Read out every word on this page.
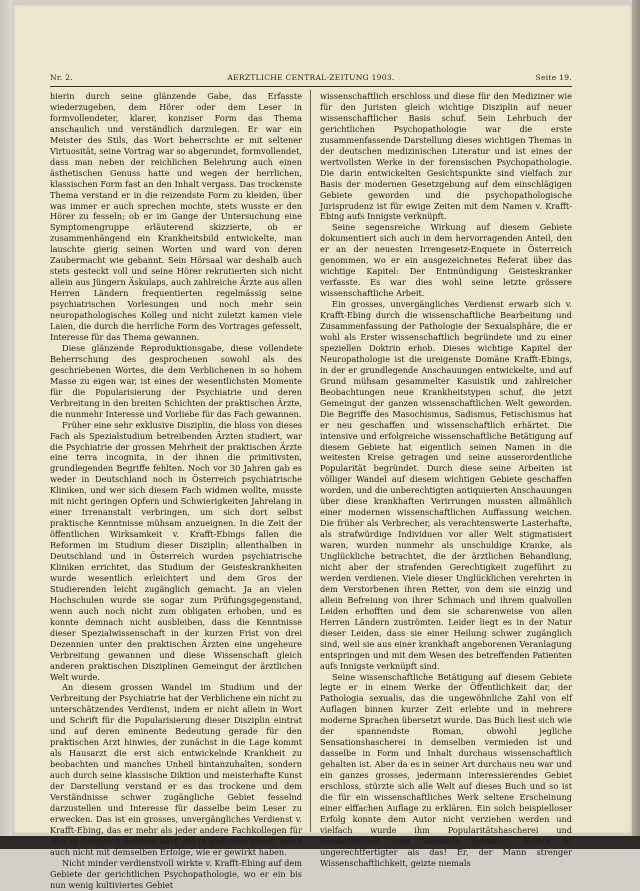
Nr. 2.	AERZTLICHE CENTRAL-ZEITUNG 1903.	Seite 19.

hierin durch seine glänzende Gabe, das Erfasste wiederzugeben, dem Hörer oder dem Leser in formvollendeter, klarer, konziser Form das Thema anschaulich und verständlich darzulegen. Er war ein Meister des Stils, das Wort beherrschte er mit seltener Virtuosität, seine Vortrag war so abgerundet, formvollendet, dass man neben der reichlichen Belehrung auch einen ästhetischen Genuss hatte und wegen der herrlichen, klassischen Form fast an den Inhalt vergass. Das trockenste Thema verstand er in die reizendste Form zu kleiden, über was immer er auch sprechen mochte, stets wusste er den Hörer zu fesseln; ob er im Gange der Untersuchung eine Symptomengruppe erläuterend skizzierte, ob er zusammenhängend ein Krankheitsbild entwickelte, man lauschte gierig seinen Worten und ward von deren Zaubermacht wie gebannt. Sein Hörsaal war deshalb auch stets gesteckt voll und seine Hörer rekrutierten sich nicht allein aus Jüngern Äskulaps, auch zahlreiche Ärzte aus allen Herren Ländern frequentierten regelmässig seine psychiatrischen Vorlesungen und noch mehr sein neuropathologisches Kolleg und nicht zuletzt kamen viele Laien, die durch die herrliche Form des Vortrages gefesselt, Interesse für das Thema gewannen.

Diese glänzende Reproduktionsgabe, diese vollendete Beherrschung des gesprochenen sowohl als des geschriebenen Wortes, die dem Verblichenen in so hohem Masse zu eigen war, ist eines der wesentlichsten Momente für die Popularisierung der Psychiatrie und deren Verbreitung in den breiten Schichten der praktischen Ärzte, die nunmehr Interesse und Vorliebe für das Fach gewannen.

Früher eine sehr exklusive Disziplin, die bloss von dieses Fach als Spezialstudium betreibenden Ärzten studiert, war die Psychiatrie der grossen Mehrheit der praktischen Ärzte eine terra incognita, in der ihnen die primitivsten, grundlegenden Begriffe fehlten. Noch vor 30 Jahren gab es weder in Deutschland noch in Österreich psychiatrische Kliniken, und wer sich diesem Fach widmen wollte, musste mit nicht geringen Opfern und Schwierigkeiten Jahrelang in einer Irrenanstalt verbringen, um sich dort selbst praktische Kenntnisse mühsam anzueignen. In die Zeit der öffentlichen Wirksamkeit v. Krafft-Ebings fallen die Reformen im Studium dieser Disziplin; allenthalben in Deutschland und in Österreich wurden psychiatrische Kliniken errichtet, das Studium der Geisteskrankheiten wurde wesentlich erleichtert und dem Gros der Studierenden leicht zugänglich gemacht. Ja an vielen Hochschulen wurde sie sogar zum Prüfungsgegenstand, wenn auch noch nicht zum obligaten erhoben, und es konnte demnach nicht ausbleiben, dass die Kenntnisse dieser Spezialwissenschaft in der kurzen Frist von drei Dezennien unter den praktischen Ärzten eine ungeheure Verbreitung gewannen und diese Wissenschaft gleich anderen praktischen Disziplinen Gemeingut der ärztlichen Welt wurde.

An diesem grossen Wandel im Studium und der Verbreitung der Psychiatrie hat der Verblichene ein nicht zu unterschätzendes Verdienst, indem er nicht allein in Wort und Schrift für die Popularisierung dieser Disziplin eintrat und auf deren eminente Bedeutung gerade für den praktischen Arzt hinwies, der zunächst in die Lage kommt als Hausarzt die erst sich entwickelnde Krankheit zu beobachten und manches Unheil hintanzuhalten, sondern auch durch seine klassische Diktion und meisterhafte Kunst der Darstellung verstand er es das trockene und dem Verständnisse schwer zugängliche Gebiet fesselnd darzustellen und Interesse für dasselbe beim Leser zu erwecken. Das ist ein grosses, unvergängliches Verdienst v. Krafft-Ebing, das er mehr als jeder andere Fachkollegen für sich in Anspruch nehmen darf, die in gleichem Sinne, wenn auch nicht mit demselben Erfolge, wie er gewirkt haben.

Nicht minder verdienstvoll wirkte v. Krafft-Ebing auf dem Gebiete der gerichtlichen Psychopathologie, wo er ein bis nun wenig kultiviertes Gebiet

wissenschaftlich erschloss und diese für den Mediziner wie für den Juristen gleich wichtige Disziplin auf neuer wissenschaftlicher Basis schuf. Sein Lehrbuch der gerichtlichen Psychopathologie war die erste zusammenfassende Darstellung dieses wichtigen Themas in der deutschen medizinischen Literatur und ist eines der wertvollsten Werke in der forensischen Psychopathologie. Die darin entwickelten Gesichtspunkte sind vielfach zur Basis der modernen Gesetzgebung auf dem einschlägigen Gebiete geworden und die psychopathologische Jurisprudenz ist für ewige Zeiten mit dem Namen v. Krafft-Ebing aufs Innigste verknüpft.

Seine segensreiche Wirkung auf diesem Gebiete dokumentiert sich auch in dem hervorragenden Anteil, den er an der neuesten Irrengesetz-Enquete in Österreich genommen, wo er ein ausgezeichnetes Referat über das wichtige Kapitel: Der Entmündigung Geisteskranker verfasste. Es war dies wohl seine letzte grössere wissenschaftliche Arbeit.

Ein grosses, unvergängliches Verdienst erwarb sich v. Krafft-Ebing durch die wissenschaftliche Bearbeitung und Zusammenfassung der Pathologie der Sexualsphäre, die er wohl als Erster wissenschaftlich begründete und zu einer speziellen Doktrin erhob. Dieses wichtige Kapitel der Neuropathologie ist die ureigenste Domäne Krafft-Ebings, in der er grundlegende Anschauungen entwickelte, und auf Grund mühsam gesammelter Kasuistik und zahlreicher Beobachtungen neue Krankheitstypen schuf, die jetzt Gemeingut der ganzen wissenschaftlichen Welt geworden. Die Begriffe des Masochismus, Sadismus, Fetischismus hat er neu geschaffen und wissenschaftlich erhärtet. Die intensive und erfolgreiche wissenschaftliche Betätigung auf diesem Gebiete hat eigentlich seinen Namen in die weitesten Kreise getragen und seine ausserordentliche Popularität begründet. Durch diese seine Arbeiten ist völliger Wandel auf diesem wichtigen Gebiete geschaffen worden, und die unberechtigten antiquierten Anschauungen über diese krankhaften Verirrungen mussten allmählich einer modernen wissenschaftlichen Auffassung weichen. Die früher als Verbrecher, als verachtenswerte Lasterhafte, als strafwürdige Individuen vor aller Welt stigmatisiert waren, wurden nunmehr als unschuldige Kranke, als Unglückliche betrachtet, die der ärztlichen Behandlung, nicht aber der strafenden Gerechtigkeit zugeführt zu werden verdienen. Viele dieser Unglücklichen verehrten in dem Verstorbenen ihren Retter, von dem sie einzig und allein Befreiung von ihrer Schmach und ihrem qualvollen Leiden erhofften und dem sie scharenweise von allen Herren Ländern zuströmten. Leider liegt es in der Natur dieser Leiden, dass sie einer Heilung schwer zugänglich sind, weil sie aus einer krankhaft angeborenen Veranlagung entspringen und mit dem Wesen des betreffenden Patienten aufs Innigste verknüpft sind.

Seine wissenschaftliche Betätigung auf diesem Gebiete legte er in einem Werke der Öffentlichkeit dar, der Pathologia sexualis, das die ungewöhnliche Zahl von elf Auflagen binnen kurzer Zeit erlebte und in mehrere moderne Sprachen übersetzt wurde. Das Buch liest sich wie der spannendste Roman, obwohl jegliche Sensationshascherei in demselben vermieden ist und dasselbe in Form und Inhalt durchaus wissenschaftlich gehalten ist. Aber da es in seiner Art durchaus neu war und ein ganzes grosses, jedermann interessierendes Gebiet erschloss, stürzte sich alle Welt auf dieses Buch und so ist die für ein wissenschaftliches Werk seltene Erscheinung einer elffachen Auflage zu erklären. Ein solch beispielloser Erfolg konnte dem Autor nicht verziehen werden und vielfach wurde ihm Popularitätshascherei und Sensationslust zum Vorwurfe gemacht. Nichts ist ungerechtfertigter als das! Er, der Mann strenger Wissenschaftlichkeit, geizte niemals
